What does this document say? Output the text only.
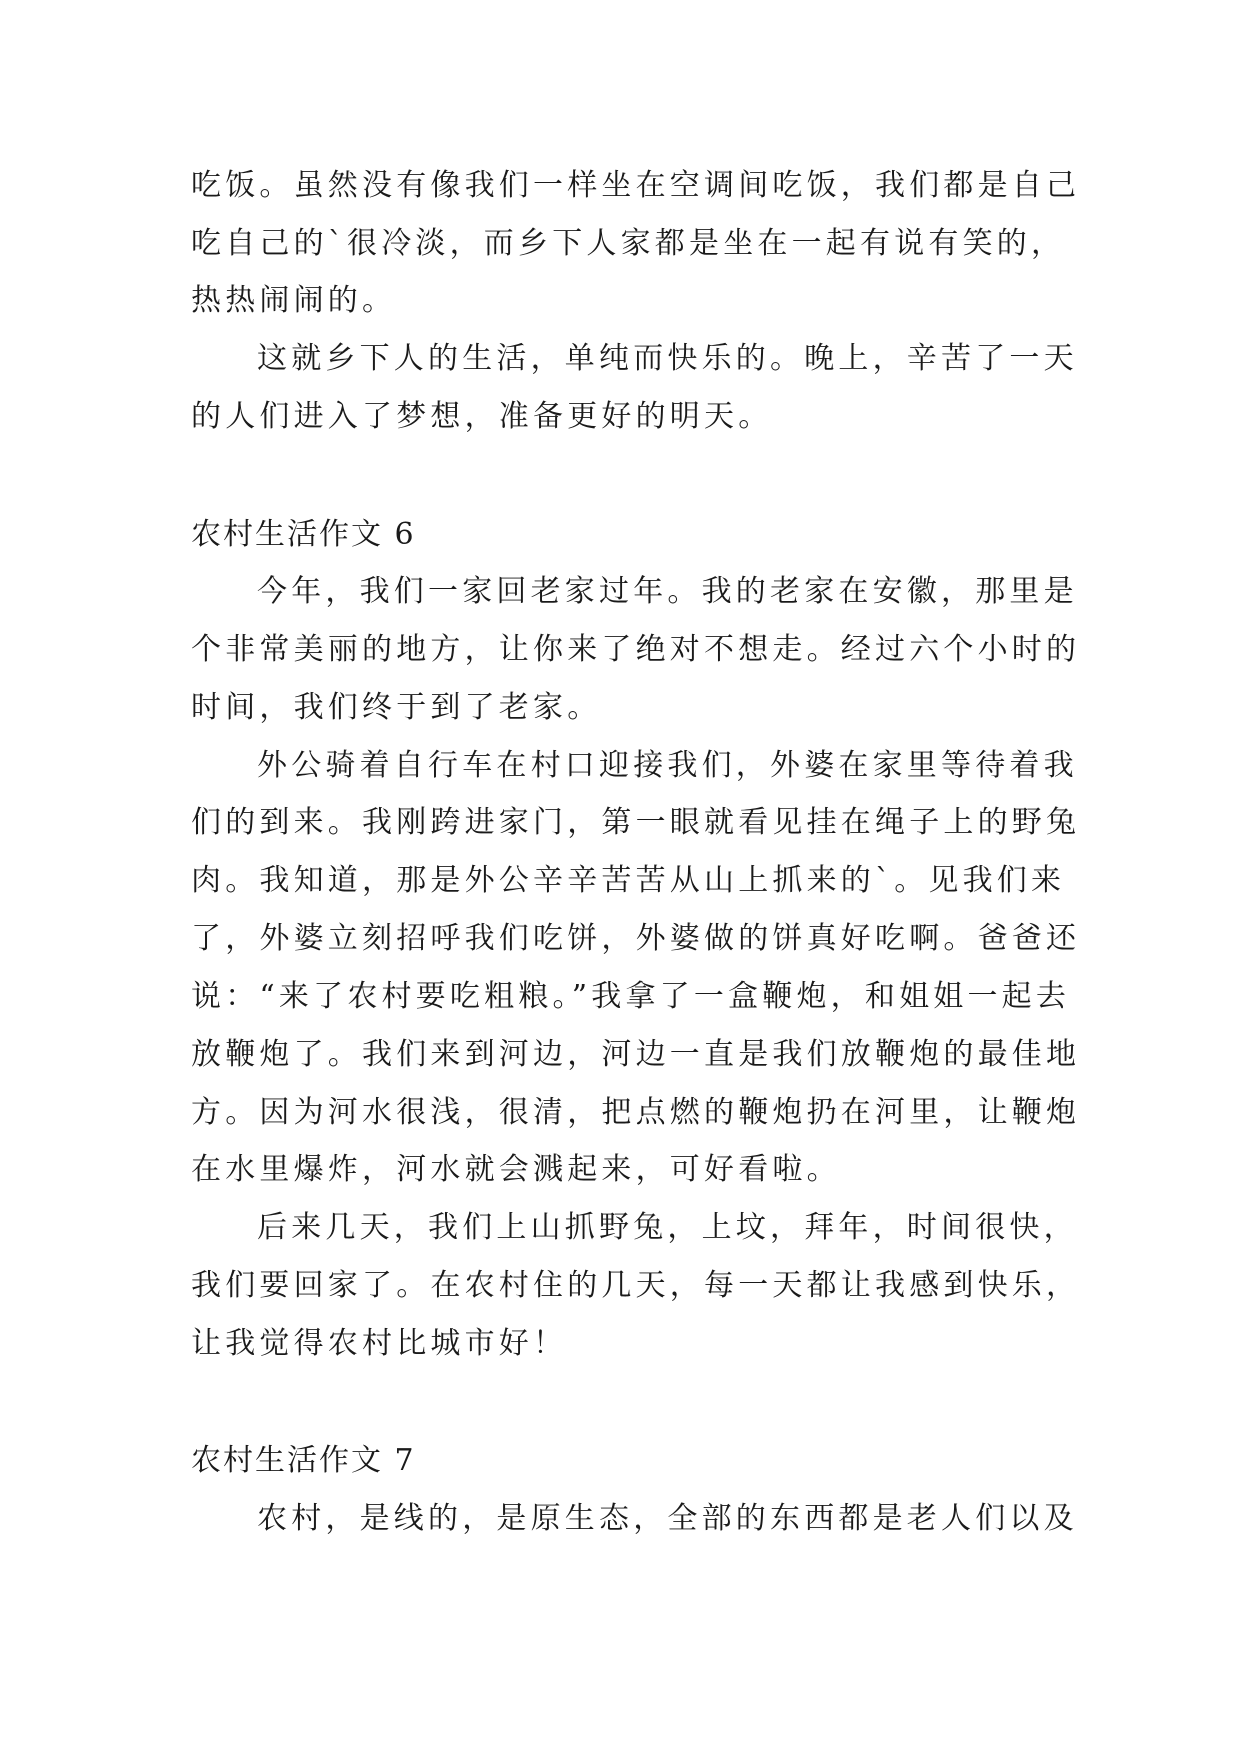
吃饭。虽然没有像我们一样坐在空调间吃饭，我们都是自己
吃自己的`很冷淡，而乡下人家都是坐在一起有说有笑的，
热热闹闹的。
这就乡下人的生活，单纯而快乐的。晚上，辛苦了一天
的人们进入了梦想，准备更好的明天。
农村生活作文 6
今年，我们一家回老家过年。我的老家在安徽，那里是
个非常美丽的地方，让你来了绝对不想走。经过六个小时的
时间，我们终于到了老家。
外公骑着自行车在村口迎接我们，外婆在家里等待着我
们的到来。我刚跨进家门，第一眼就看见挂在绳子上的野兔
肉。我知道，那是外公辛辛苦苦从山上抓来的`。见我们来
了，外婆立刻招呼我们吃饼，外婆做的饼真好吃啊。爸爸还
说：“来了农村要吃粗粮。”我拿了一盒鞭炮，和姐姐一起去
放鞭炮了。我们来到河边，河边一直是我们放鞭炮的最佳地
方。因为河水很浅，很清，把点燃的鞭炮扔在河里，让鞭炮
在水里爆炸，河水就会溅起来，可好看啦。
后来几天，我们上山抓野兔，上坟，拜年，时间很快，
我们要回家了。在农村住的几天，每一天都让我感到快乐，
让我觉得农村比城市好！
农村生活作文 7
农村，是线的，是原生态，全部的东西都是老人们以及
